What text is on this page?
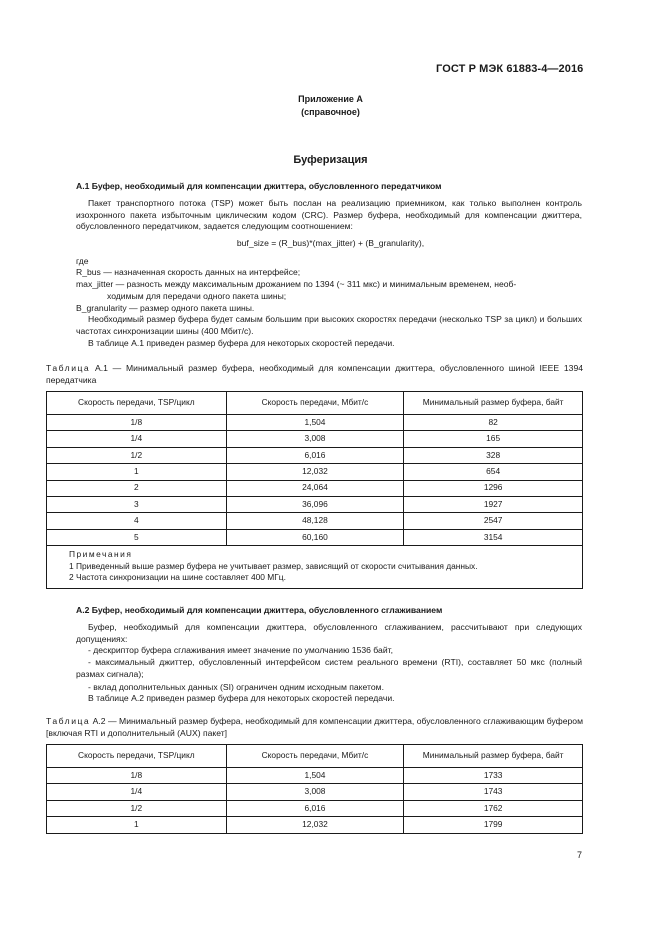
ГОСТ Р МЭК 61883-4—2016
Приложение А
(справочное)
Буферизация
А.1 Буфер, необходимый для компенсации джиттера, обусловленного передатчиком
Пакет транспортного потока (TSP) может быть послан на реализацию приемником, как только выполнен контроль изохронного пакета избыточным циклическим кодом (CRC). Размер буфера, необходимый для компенсации джиттера, обусловленного передатчиком, задается следующим соотношением:
buf_size = (R_bus)*(max_jitter) + (B_granularity),
где
R_bus — назначенная скорость данных на интерфейсе;
max_jitter — разность между максимальным дрожанием по 1394 (~ 311 мкс) и минимальным временем, необ-
ходимым для передачи одного пакета шины;
B_granularity — размер одного пакета шины.
Необходимый размер буфера будет самым большим при высоких скоростях передачи (несколько TSP за цикл) и больших частотах синхронизации шины (400 Мбит/с).
В таблице А.1 приведен размер буфера для некоторых скоростей передачи.
Таблица А.1 — Минимальный размер буфера, необходимый для компенсации джиттера, обусловленного шиной IEEE 1394 передатчика
Скорость передачи, TSP/цикл	Скорость передачи, Мбит/с	Минимальный размер буфера, байт
1/8	1,504	82
1/4	3,008	165
1/2	6,016	328
1	12,032	654
2	24,064	1296
3	36,096	1927
4	48,128	2547
5	60,160	3154

Примечания
1 Приведенный выше размер буфера не учитывает размер, зависящий от скорости считывания данных.
2 Частота синхронизации на шине составляет 400 МГц.		
А.2 Буфер, необходимый для компенсации джиттера, обусловленного сглаживанием
Буфер, необходимый для компенсации джиттера, обусловленного сглаживанием, рассчитывают при следующих допущениях:
- дескриптор буфера сглаживания имеет значение по умолчанию 1536 байт,
- максимальный джиттер, обусловленный интерфейсом систем реального времени (RTI), составляет 50 мкс (полный размах сигнала);
- вклад дополнительных данных (SI) ограничен одним исходным пакетом.
В таблице А.2 приведен размер буфера для некоторых скоростей передачи.
Таблица А.2 — Минимальный размер буфера, необходимый для компенсации джиттера, обусловленного сглаживающим буфером [включая RTI и дополнительный (AUX) пакет]
Скорость передачи, TSP/цикл	Скорость передачи, Мбит/с	Минимальный размер буфера, байт
1/8	1,504	1733
1/4	3,008	1743
1/2	6,016	1762
1	12,032	1799
7
